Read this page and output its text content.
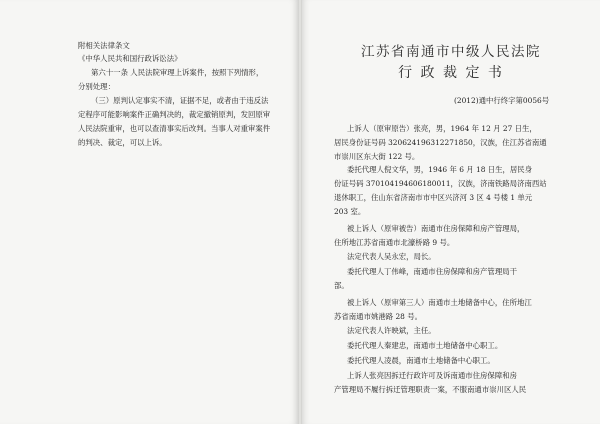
附相关法律条文
《中华人民共和国行政诉讼法》
第六十一条 人民法院审理上诉案件，按照下列情形，
分别处理：
（三）原判认定事实不清，证据不足，或者由于违反法
定程序可能影响案件正确判决的，裁定撤销原判，发回原审
人民法院重审，也可以查清事实后改判。当事人对重审案件
的判决、裁定，可以上诉。
江苏省南通市中级人民法院
行 政 裁 定 书
(2012)通中行终字第0056号
上诉人（原审原告）张亮，男，1964 年 12 月 27 日生，
居民身份证号码 320624196312271850，汉族，住江苏省南通
市崇川区东大街 122 号。
委托代理人倪文华，男，1946 年 6 月 18 日生，居民身
份证号码 370104194606180011，汉族，济南铁路局济南西站
退休职工，住山东省济南市市中区兴济河 3 区 4 号楼 1 单元
203 室。
被上诉人（原审被告）南通市住房保障和房产管理局，
住所地江苏省南通市北濠桥路 9 号。
法定代表人吴永宏，局长。
委托代理人丁伟峰，南通市住房保障和房产管理局干
部。
被上诉人（原审第三人）南通市土地储备中心，住所地江
苏省南通市姚港路 28 号。
法定代表人许映斌，主任。
委托代理人秦建忠，南通市土地储备中心职工。
委托代理人凌晨，南通市土地储备中心职工。
上诉人张亮因拆迁行政许可及诉南通市住房保障和房
产管理局不履行拆迁管理职责一案，不服南通市崇川区人民
